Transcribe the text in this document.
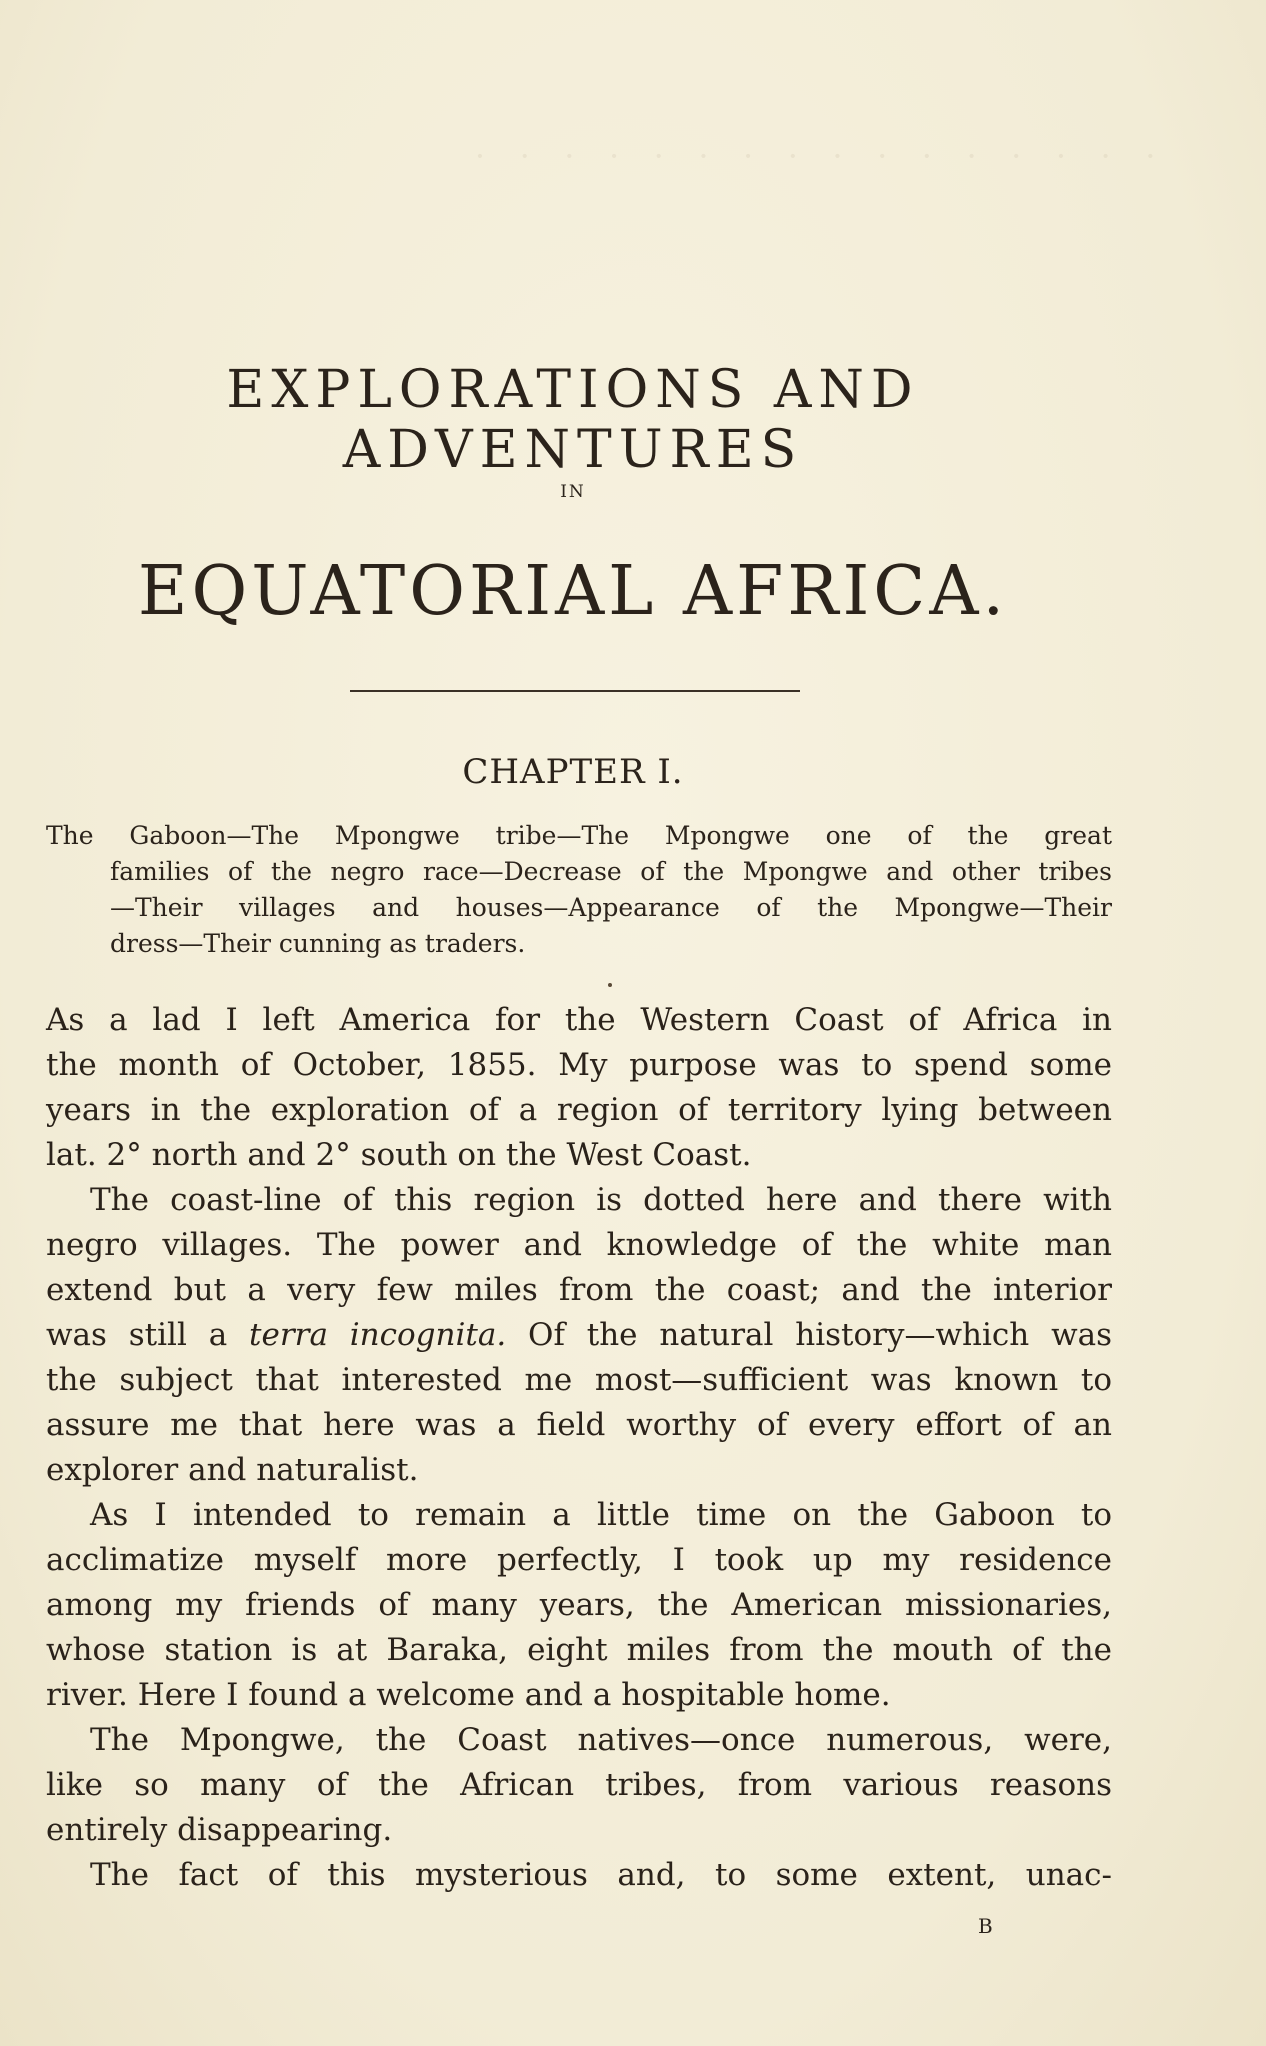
·   ·   ·   ·   ·   ·   ·   ·   ·   ·   ·   ·   ·   ·   ·   ·

EXPLORATIONS AND ADVENTURES
IN
EQUATORIAL AFRICA.
CHAPTER I.
The Gaboon—The Mpongwe tribe—The Mpongwe one of the great
families of the negro race—Decrease of the Mpongwe and other tribes
—Their villages and houses—Appearance of the Mpongwe—Their
dress—Their cunning as traders.
As a lad I left America for the Western Coast of Africa in
the month of October, 1855. My purpose was to spend some
years in the exploration of a region of territory lying between
lat. 2° north and 2° south on the West Coast.
The coast-line of this region is dotted here and there with
negro villages. The power and knowledge of the white man
extend but a very few miles from the coast; and the interior
was still a terra incognita. Of the natural history—which was
the subject that interested me most—sufficient was known to
assure me that here was a field worthy of every effort of an
explorer and naturalist.
As I intended to remain a little time on the Gaboon to
acclimatize myself more perfectly, I took up my residence
among my friends of many years, the American missionaries,
whose station is at Baraka, eight miles from the mouth of the
river. Here I found a welcome and a hospitable home.
The Mpongwe, the Coast natives—once numerous, were,
like so many of the African tribes, from various reasons
entirely disappearing.
The fact of this mysterious and, to some extent, unac-
B
